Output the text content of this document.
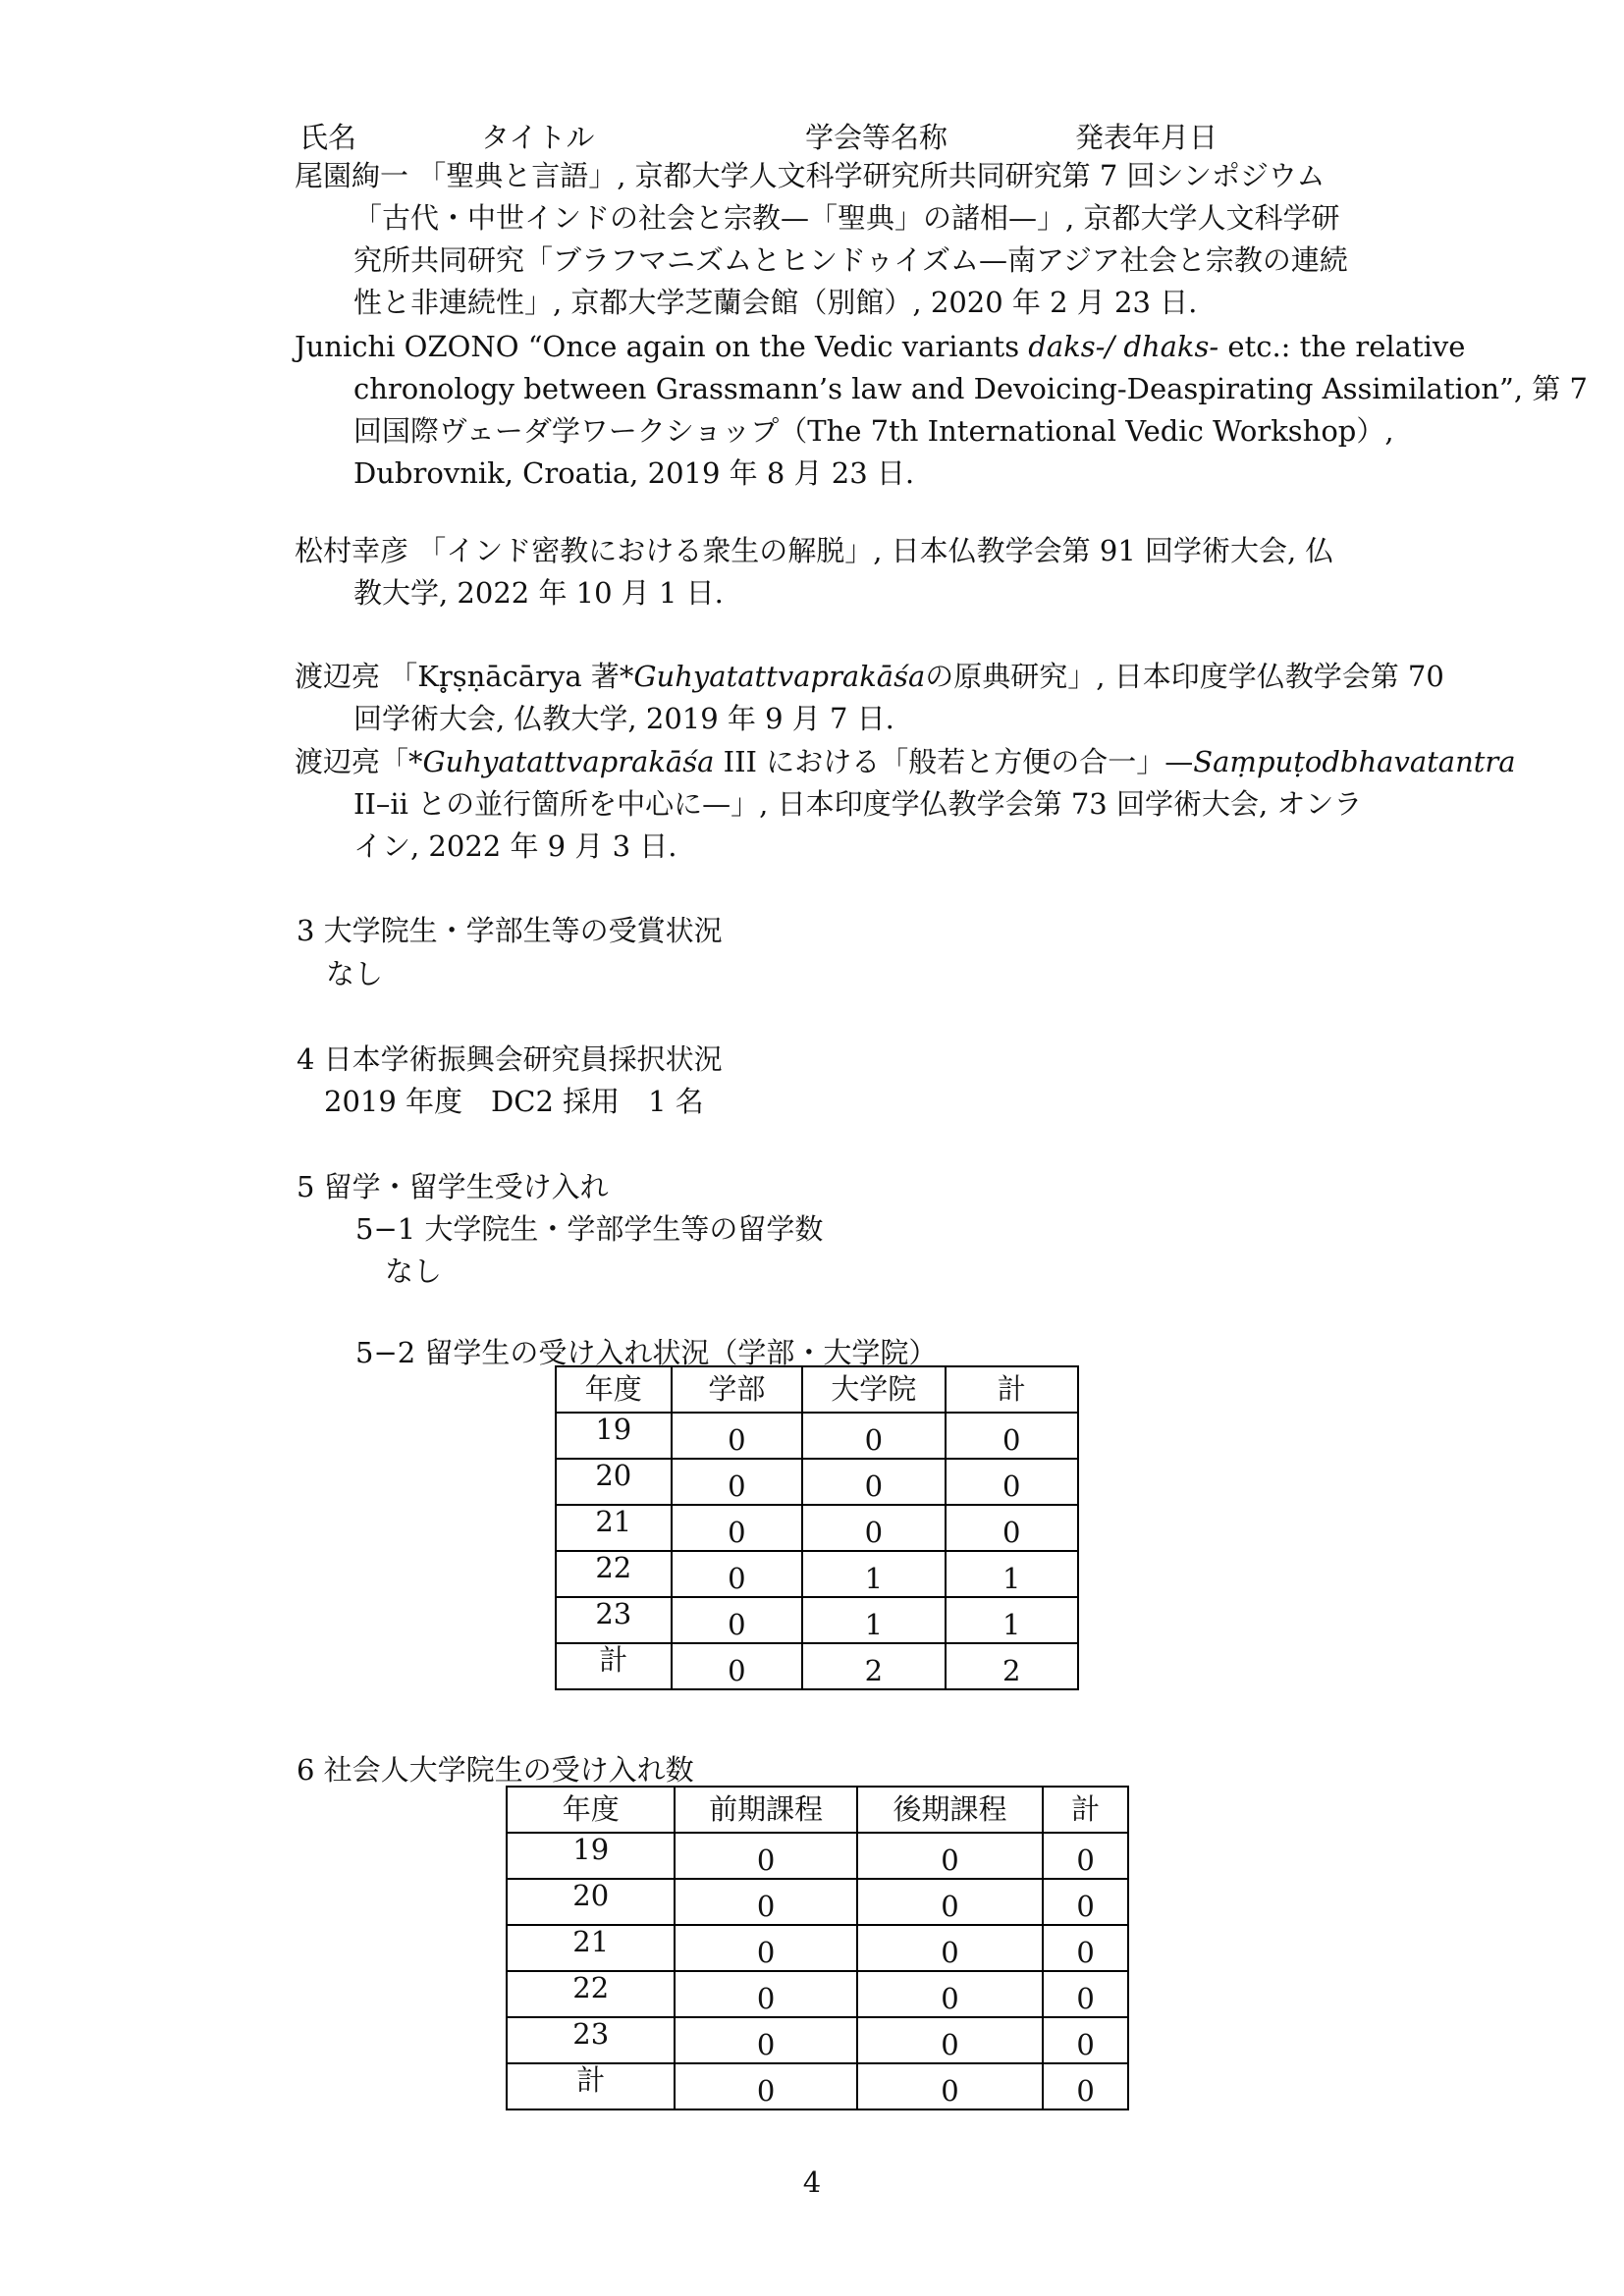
氏名	タイトル	学会等名称	発表年月日
尾園絢一 「聖典と言語」, 京都大学人文科学研究所共同研究第 7 回シンポジウム
「古代・中世インドの社会と宗教—「聖典」の諸相—」, 京都大学人文科学研
究所共同研究「ブラフマニズムとヒンドゥイズム—南アジア社会と宗教の連続
性と非連続性」, 京都大学芝蘭会館（別館）, 2020 年 2 月 23 日.
Junichi OZONO “Once again on the Vedic variants daks-/ dhaks- etc.: the relative
chronology between Grassmann’s law and Devoicing-Deaspirating Assimilation”, 第 7
回国際ヴェーダ学ワークショップ（The 7th International Vedic Workshop）,
Dubrovnik, Croatia, 2019 年 8 月 23 日.
松村幸彦 「インド密教における衆生の解脱」, 日本仏教学会第 91 回学術大会, 仏
教大学, 2022 年 10 月 1 日.
渡辺亮 「Kr̥ṣṇācārya 著*Guhyatattvaprakāśaの原典研究」, 日本印度学仏教学会第 70
回学術大会, 仏教大学, 2019 年 9 月 7 日.
渡辺亮「*Guhyatattvaprakāśa III における「般若と方便の合一」—Saṃpuṭodbhavatantra
II–ii との並行箇所を中心に—」, 日本印度学仏教学会第 73 回学術大会, オンラ
イン, 2022 年 9 月 3 日.
3 大学院生・学部生等の受賞状況
なし
4 日本学術振興会研究員採択状況
2019 年度　DC2 採用　1 名
5 留学・留学生受け入れ
5−1 大学院生・学部学生等の留学数
なし
5−2 留学生の受け入れ状況（学部・大学院）
年度	学部	大学院	計
19	0	0	0
20	0	0	0
21	0	0	0
22	0	1	1
23	0	1	1
計	0	2	2
6 社会人大学院生の受け入れ数
年度	前期課程	後期課程	計
19	0	0	0
20	0	0	0
21	0	0	0
22	0	0	0
23	0	0	0
計	0	0	0
4
